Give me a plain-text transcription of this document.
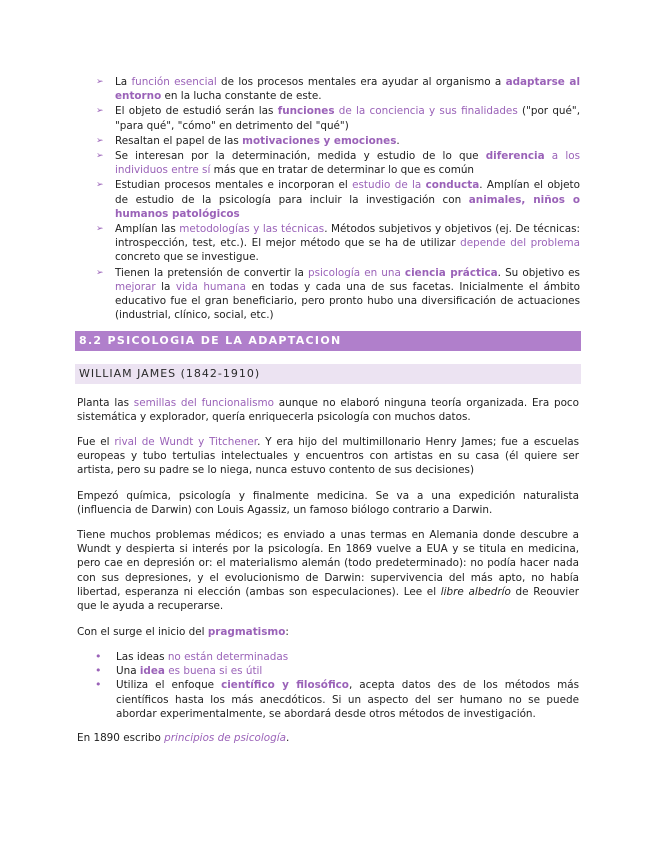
➢ La función esencial de los procesos mentales era ayudar al organismo a adaptarse al entorno en la lucha constante de este.
➢ El objeto de estudió serán las funciones de la conciencia y sus finalidades ("por qué", "para qué", "cómo" en detrimento del "qué")
➢ Resaltan el papel de las motivaciones y emociones.
➢ Se interesan por la determinación, medida y estudio de lo que diferencia a los individuos entre sí más que en tratar de determinar lo que es común
➢ Estudian procesos mentales e incorporan el estudio de la conducta. Amplían el objeto de estudio de la psicología para incluir la investigación con animales, niños o humanos patológicos
➢ Amplían las metodologías y las técnicas. Métodos subjetivos y objetivos (ej. De técnicas: introspección, test, etc.). El mejor método que se ha de utilizar depende del problema concreto que se investigue.
➢ Tienen la pretensión de convertir la psicología en una ciencia práctica. Su objetivo es mejorar la vida humana en todas y cada una de sus facetas. Inicialmente el ámbito educativo fue el gran beneficiario, pero pronto hubo una diversificación de actuaciones (industrial, clínico, social, etc.)
8.2 PSICOLOGIA DE LA ADAPTACION
WILLIAM JAMES (1842-1910)

Planta las semillas del funcionalismo aunque no elaboró ninguna teoría organizada. Era poco sistemática y explorador, quería enriquecerla psicología con muchos datos.

Fue el rival de Wundt y Titchener. Y era hijo del multimillonario Henry James; fue a escuelas europeas y tubo tertulias intelectuales y encuentros con artistas en su casa (él quiere ser artista, pero su padre se lo niega, nunca estuvo contento de sus decisiones)

Empezó química, psicología y finalmente medicina. Se va a una expedición naturalista (influencia de Darwin) con Louis Agassiz, un famoso biólogo contrario a Darwin.

Tiene muchos problemas médicos; es enviado a unas termas en Alemania donde descubre a Wundt y despierta si interés por la psicología. En 1869 vuelve a EUA y se titula en medicina, pero cae en depresión or: el materialismo alemán (todo predeterminado): no podía hacer nada con sus depresiones, y el evolucionismo de Darwin: supervivencia del más apto, no había libertad, esperanza ni elección (ambas son especulaciones). Lee el libre albedrío de Reouvier que le ayuda a recuperarse.

Con el surge el inicio del pragmatismo:

En 1890 escribo principios de psicología.

• Las ideas no están determinadas
• Una idea es buena si es útil
• Utiliza el enfoque científico y filosófico, acepta datos des de los métodos más científicos hasta los más anecdóticos. Si un aspecto del ser humano no se puede abordar experimentalmente, se abordará desde otros métodos de investigación.
